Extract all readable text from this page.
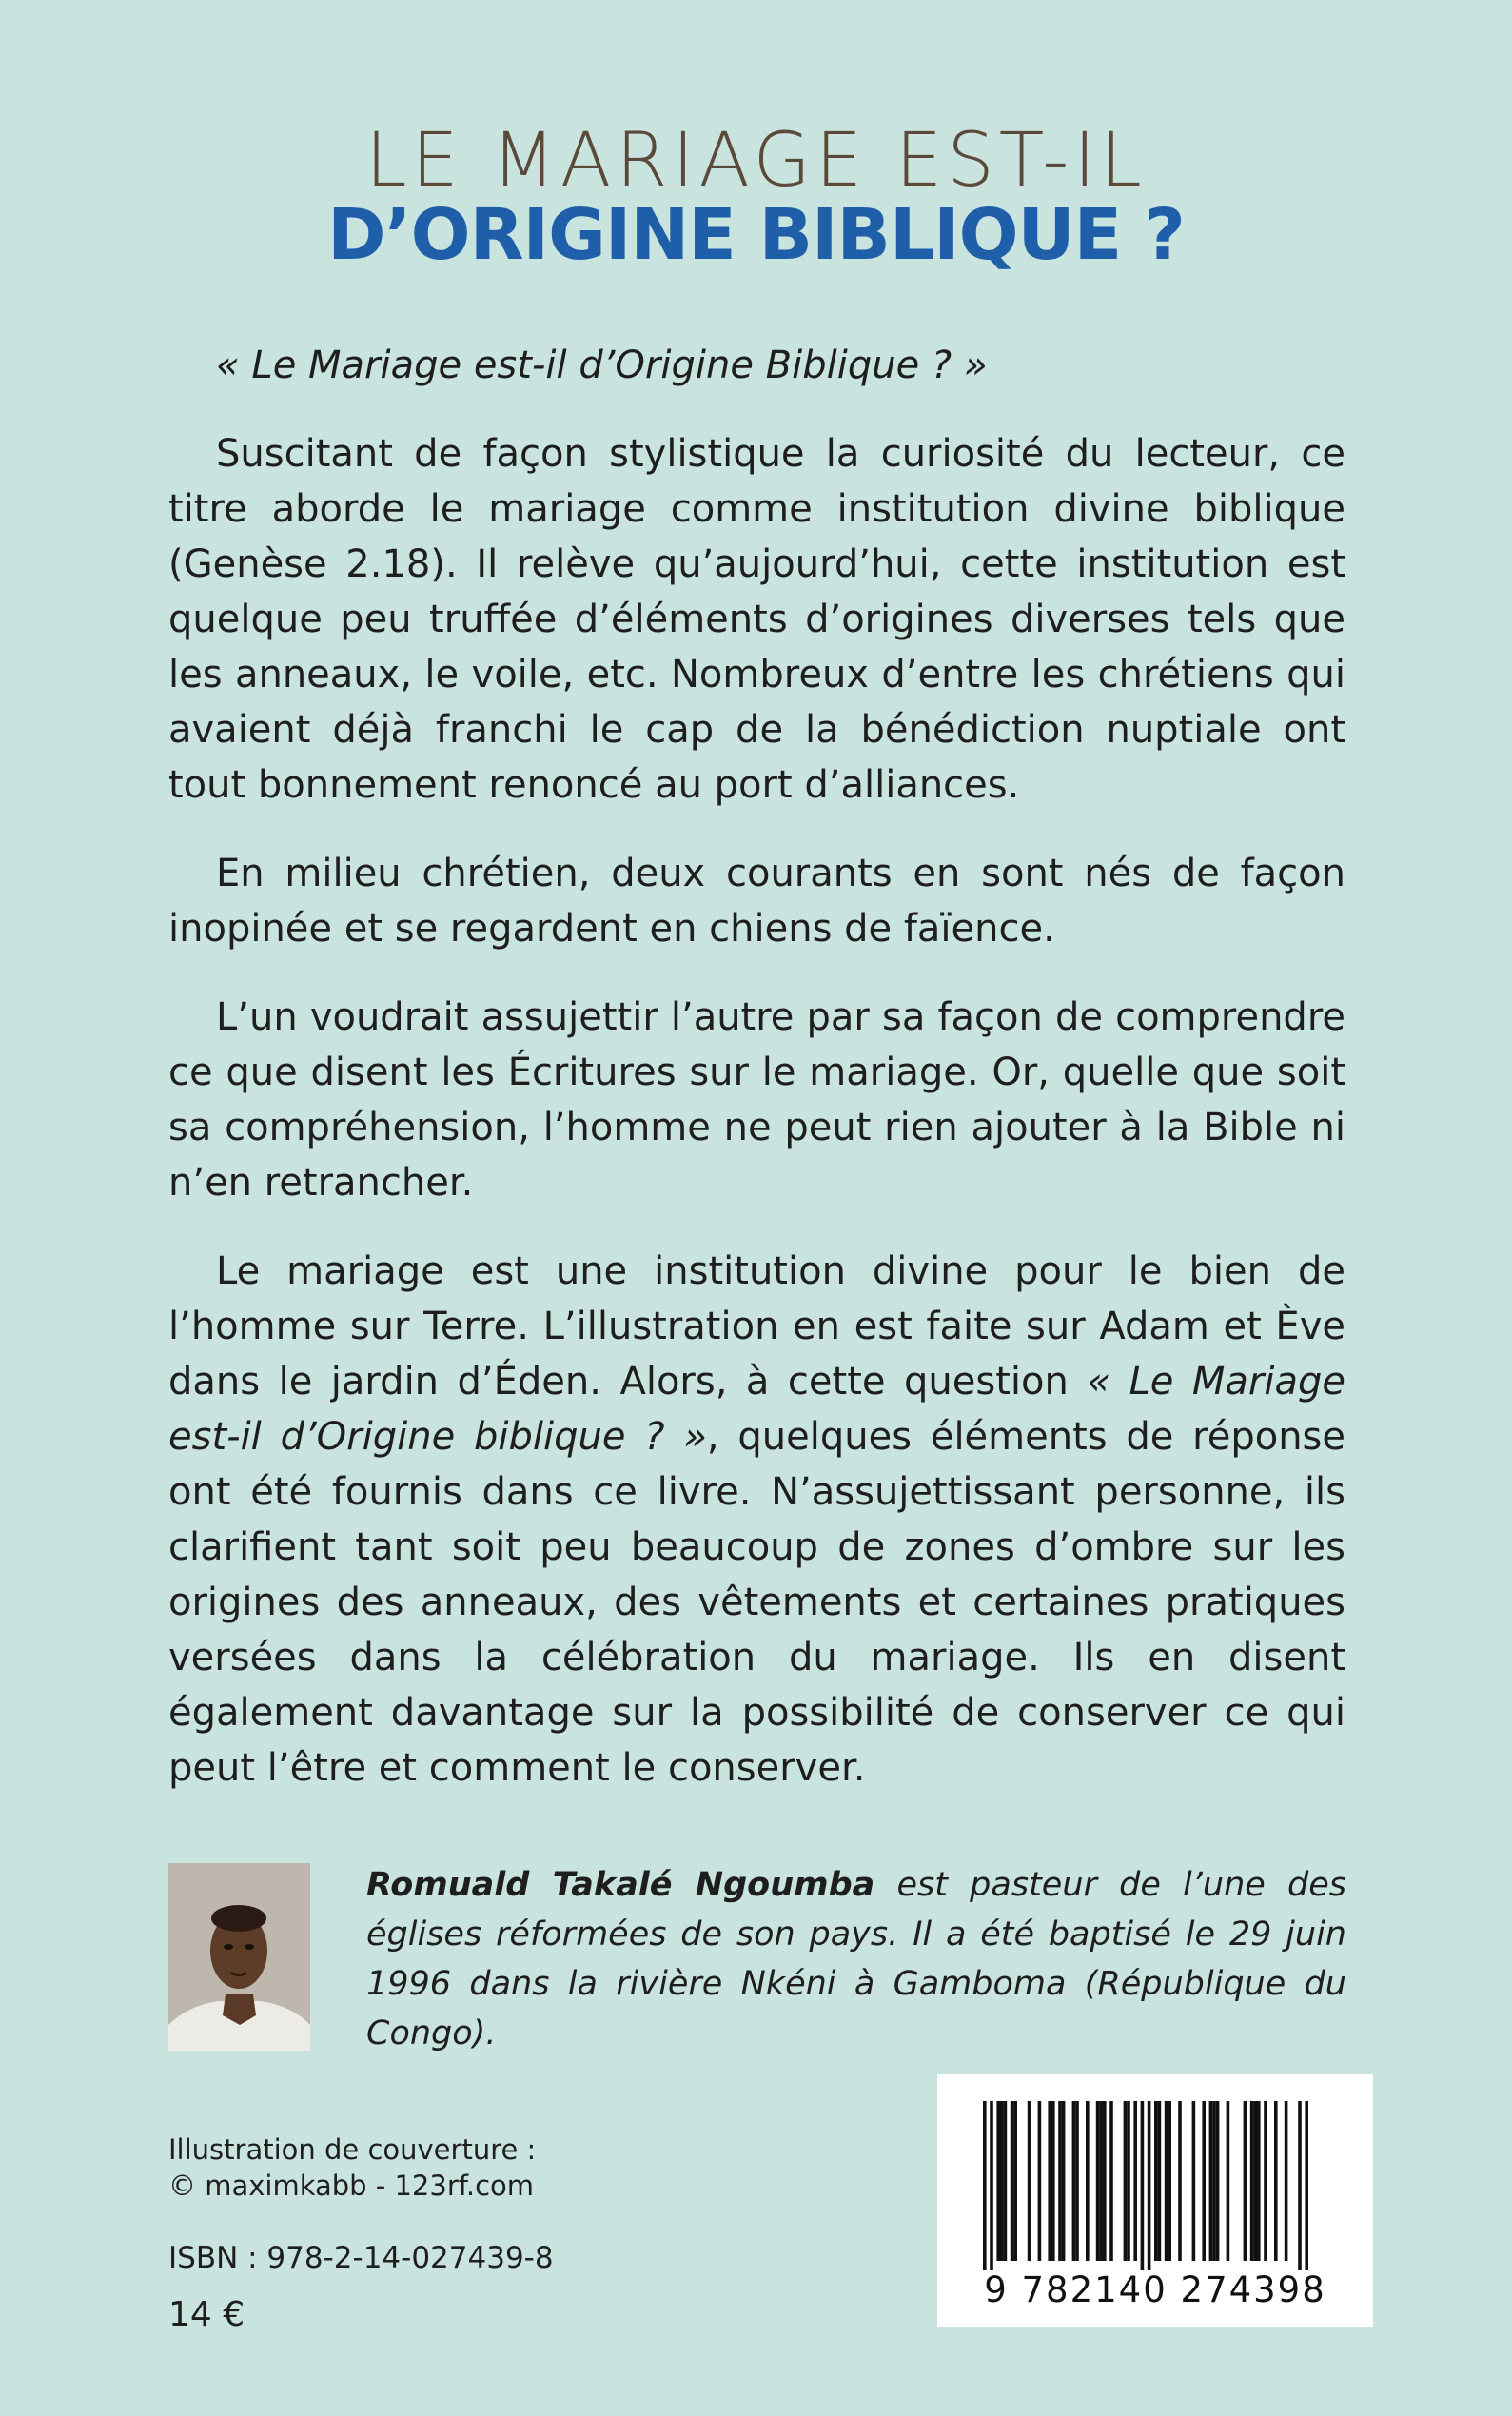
LE MARIAGE EST-IL
D’ORIGINE BIBLIQUE ?

« Le Mariage est-il d’Origine Biblique ? »

Suscitant de façon stylistique la curiosité du lecteur, ce titre aborde le mariage comme institution divine biblique (Genèse 2.18). Il relève qu’aujourd’hui, cette institution est quelque peu truffée d’éléments d’origines diverses tels que les anneaux, le voile, etc. Nombreux d’entre les chrétiens qui avaient déjà franchi le cap de la bénédiction nuptiale ont tout bonnement renoncé au port d’alliances.

En milieu chrétien, deux courants en sont nés de façon inopinée et se regardent en chiens de faïence.

L’un voudrait assujettir l’autre par sa façon de comprendre ce que disent les Écritures sur le mariage. Or, quelle que soit sa compréhension, l’homme ne peut rien ajouter à la Bible ni n’en retrancher.

Le mariage est une institution divine pour le bien de l’homme sur Terre. L’illustration en est faite sur Adam et Ève dans le jardin d’Éden. Alors, à cette question « Le Mariage est-il d’Origine biblique ? », quelques éléments de réponse ont été fournis dans ce livre. N’assujettissant personne, ils clarifient tant soit peu beaucoup de zones d’ombre sur les origines des anneaux, des vêtements et certaines pratiques versées dans la célébration du mariage. Ils en disent également davantage sur la possibilité de conserver ce qui peut l’être et comment le conserver.

Romuald Takalé Ngoumba est pasteur de l’une des églises réformées de son pays. Il a été baptisé le 29 juin 1996 dans la rivière Nkéni à Gamboma (République du Congo).

Illustration de couverture :
© maximkabb - 123rf.com
ISBN : 978-2-14-027439-8
14 €
9 782140 274398
